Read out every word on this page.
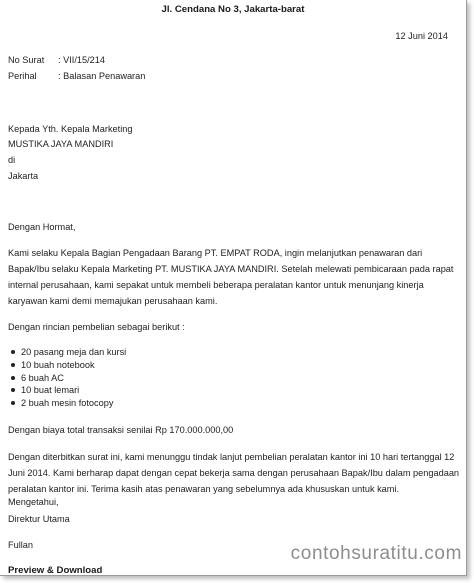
Jl. Cendana No 3, Jakarta-barat
12 Juni 2014
No Surat : VII/15/214
Perihal : Balasan Penawaran
Kepada Yth. Kepala Marketing
MUSTIKA JAYA MANDIRI
di
Jakarta
Dengan Hormat,
Kami selaku Kepala Bagian Pengadaan Barang PT. EMPAT RODA, ingin melanjutkan penawaran dari Bapak/Ibu selaku Kepala Marketing PT. MUSTIKA JAYA MANDIRI. Setelah melewati pembicaraan pada rapat internal perusahaan, kami sepakat untuk membeli beberapa peralatan kantor untuk menunjang kinerja karyawan kami demi memajukan perusahaan kami.
Dengan rincian pembelian sebagai berikut :
20 pasang meja dan kursi
10 buah notebook
6 buah AC
10 buat lemari
2 buah mesin fotocopy
Dengan biaya total transaksi senilai Rp 170.000.000,00
Dengan diterbitkan surat ini, kami menunggu tindak lanjut pembelian peralatan kantor ini 10 hari tertanggal 12 Juni 2014. Kami berharap dapat dengan cepat bekerja sama dengan perusahaan Bapak/Ibu dalam pengadaan peralatan kantor ini. Terima kasih atas penawaran yang sebelumnya ada khususkan untuk kami.
Mengetahui,
Direktur Utama
Fullan
Preview & Download
contohsuratitu.com
